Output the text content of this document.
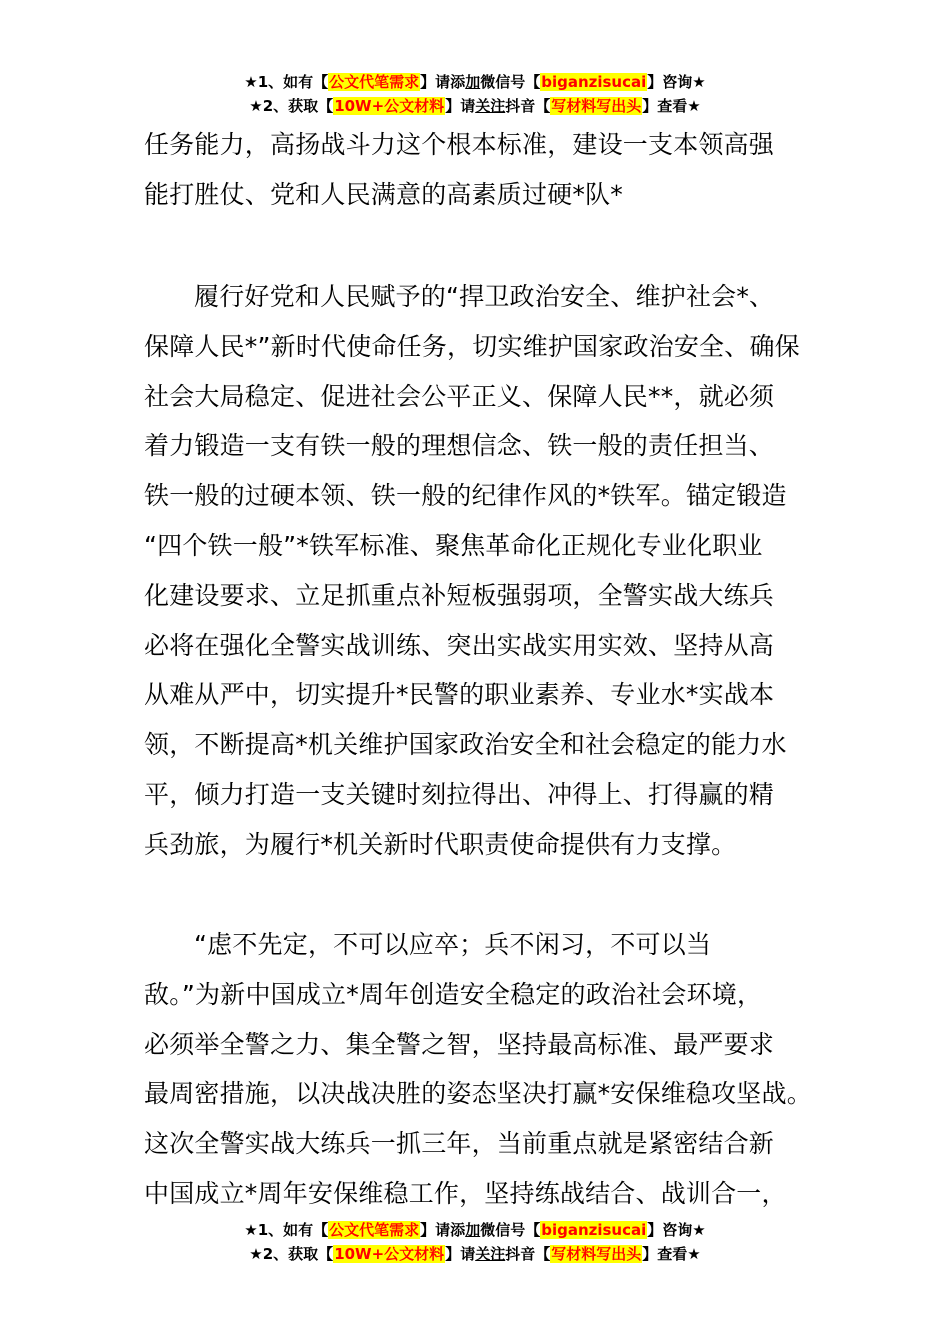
★1、如有【公文代笔需求】请添加微信号【biganzisucai】咨询★
★2、获取【10W+公文材料】请关注抖音【写材料写出头】查看★
任务能力，高扬战斗力这个根本标准，建设一支本领高强
能打胜仗、党和人民满意的高素质过硬*队*
履行好党和人民赋予的“捍卫政治安全、维护社会*、
保障人民*”新时代使命任务，切实维护国家政治安全、确保
社会大局稳定、促进社会公平正义、保障人民**，就必须
着力锻造一支有铁一般的理想信念、铁一般的责任担当、
铁一般的过硬本领、铁一般的纪律作风的*铁军。锚定锻造
“四个铁一般”*铁军标准、聚焦革命化正规化专业化职业
化建设要求、立足抓重点补短板强弱项，全警实战大练兵
必将在强化全警实战训练、突出实战实用实效、坚持从高
从难从严中，切实提升*民警的职业素养、专业水*实战本
领，不断提高*机关维护国家政治安全和社会稳定的能力水
平，倾力打造一支关键时刻拉得出、冲得上、打得赢的精
兵劲旅，为履行*机关新时代职责使命提供有力支撑。
“虑不先定，不可以应卒；兵不闲习，不可以当
敌。”为新中国成立*周年创造安全稳定的政治社会环境，
必须举全警之力、集全警之智，坚持最高标准、最严要求
最周密措施，以决战决胜的姿态坚决打赢*安保维稳攻坚战。
这次全警实战大练兵一抓三年，当前重点就是紧密结合新
中国成立*周年安保维稳工作，坚持练战结合、战训合一，
★1、如有【公文代笔需求】请添加微信号【biganzisucai】咨询★
★2、获取【10W+公文材料】请关注抖音【写材料写出头】查看★
